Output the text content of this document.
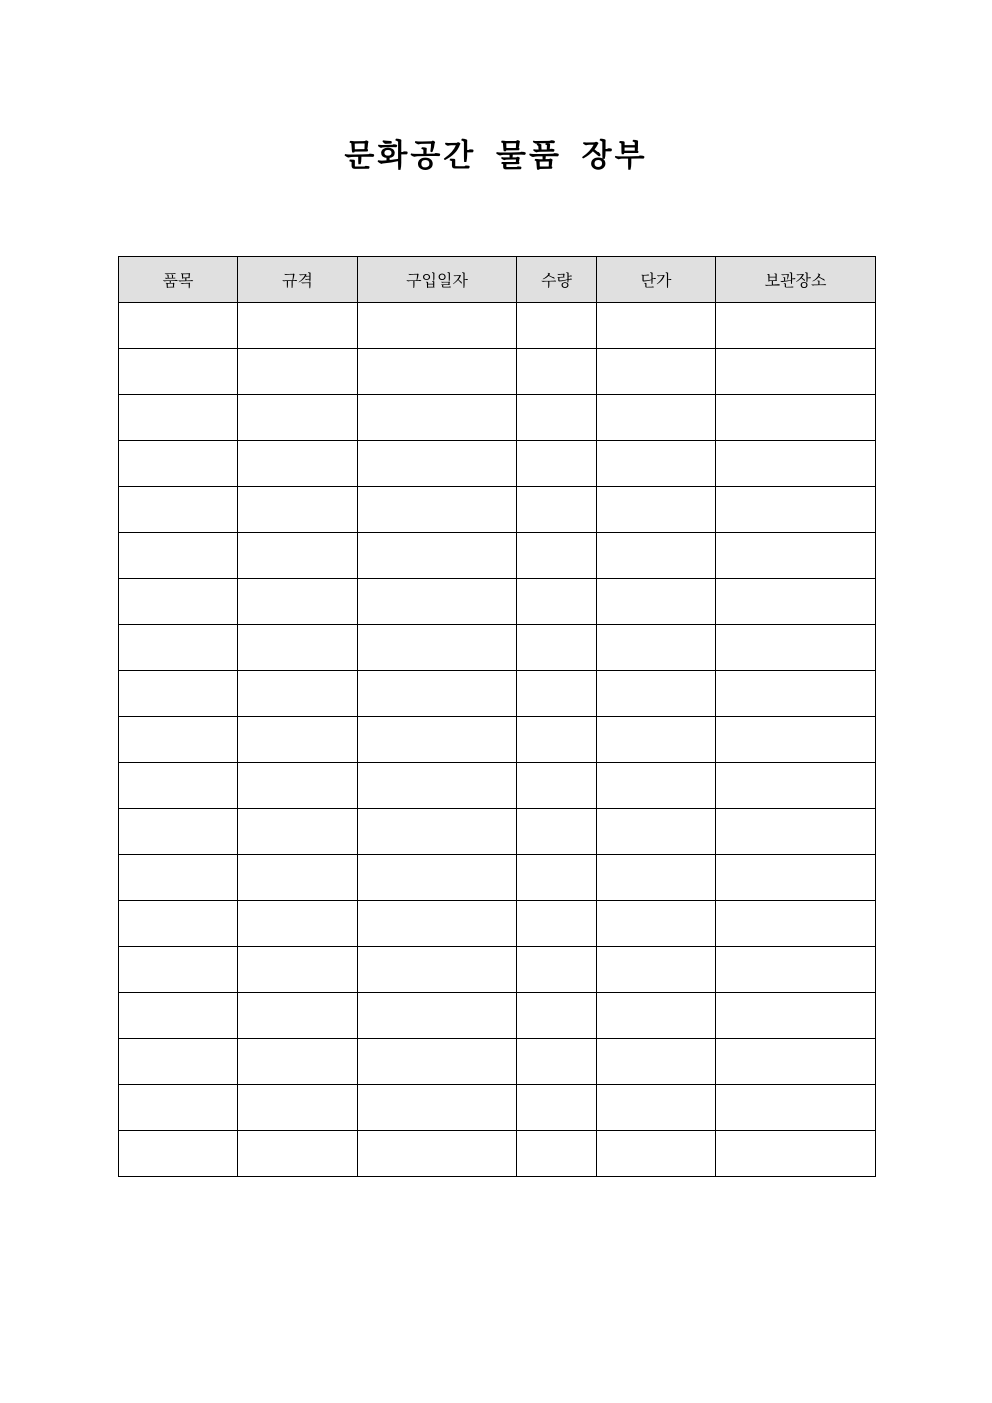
문화공간 물품 장부
품목	규격	구입일자	수량	단가	보관장소
